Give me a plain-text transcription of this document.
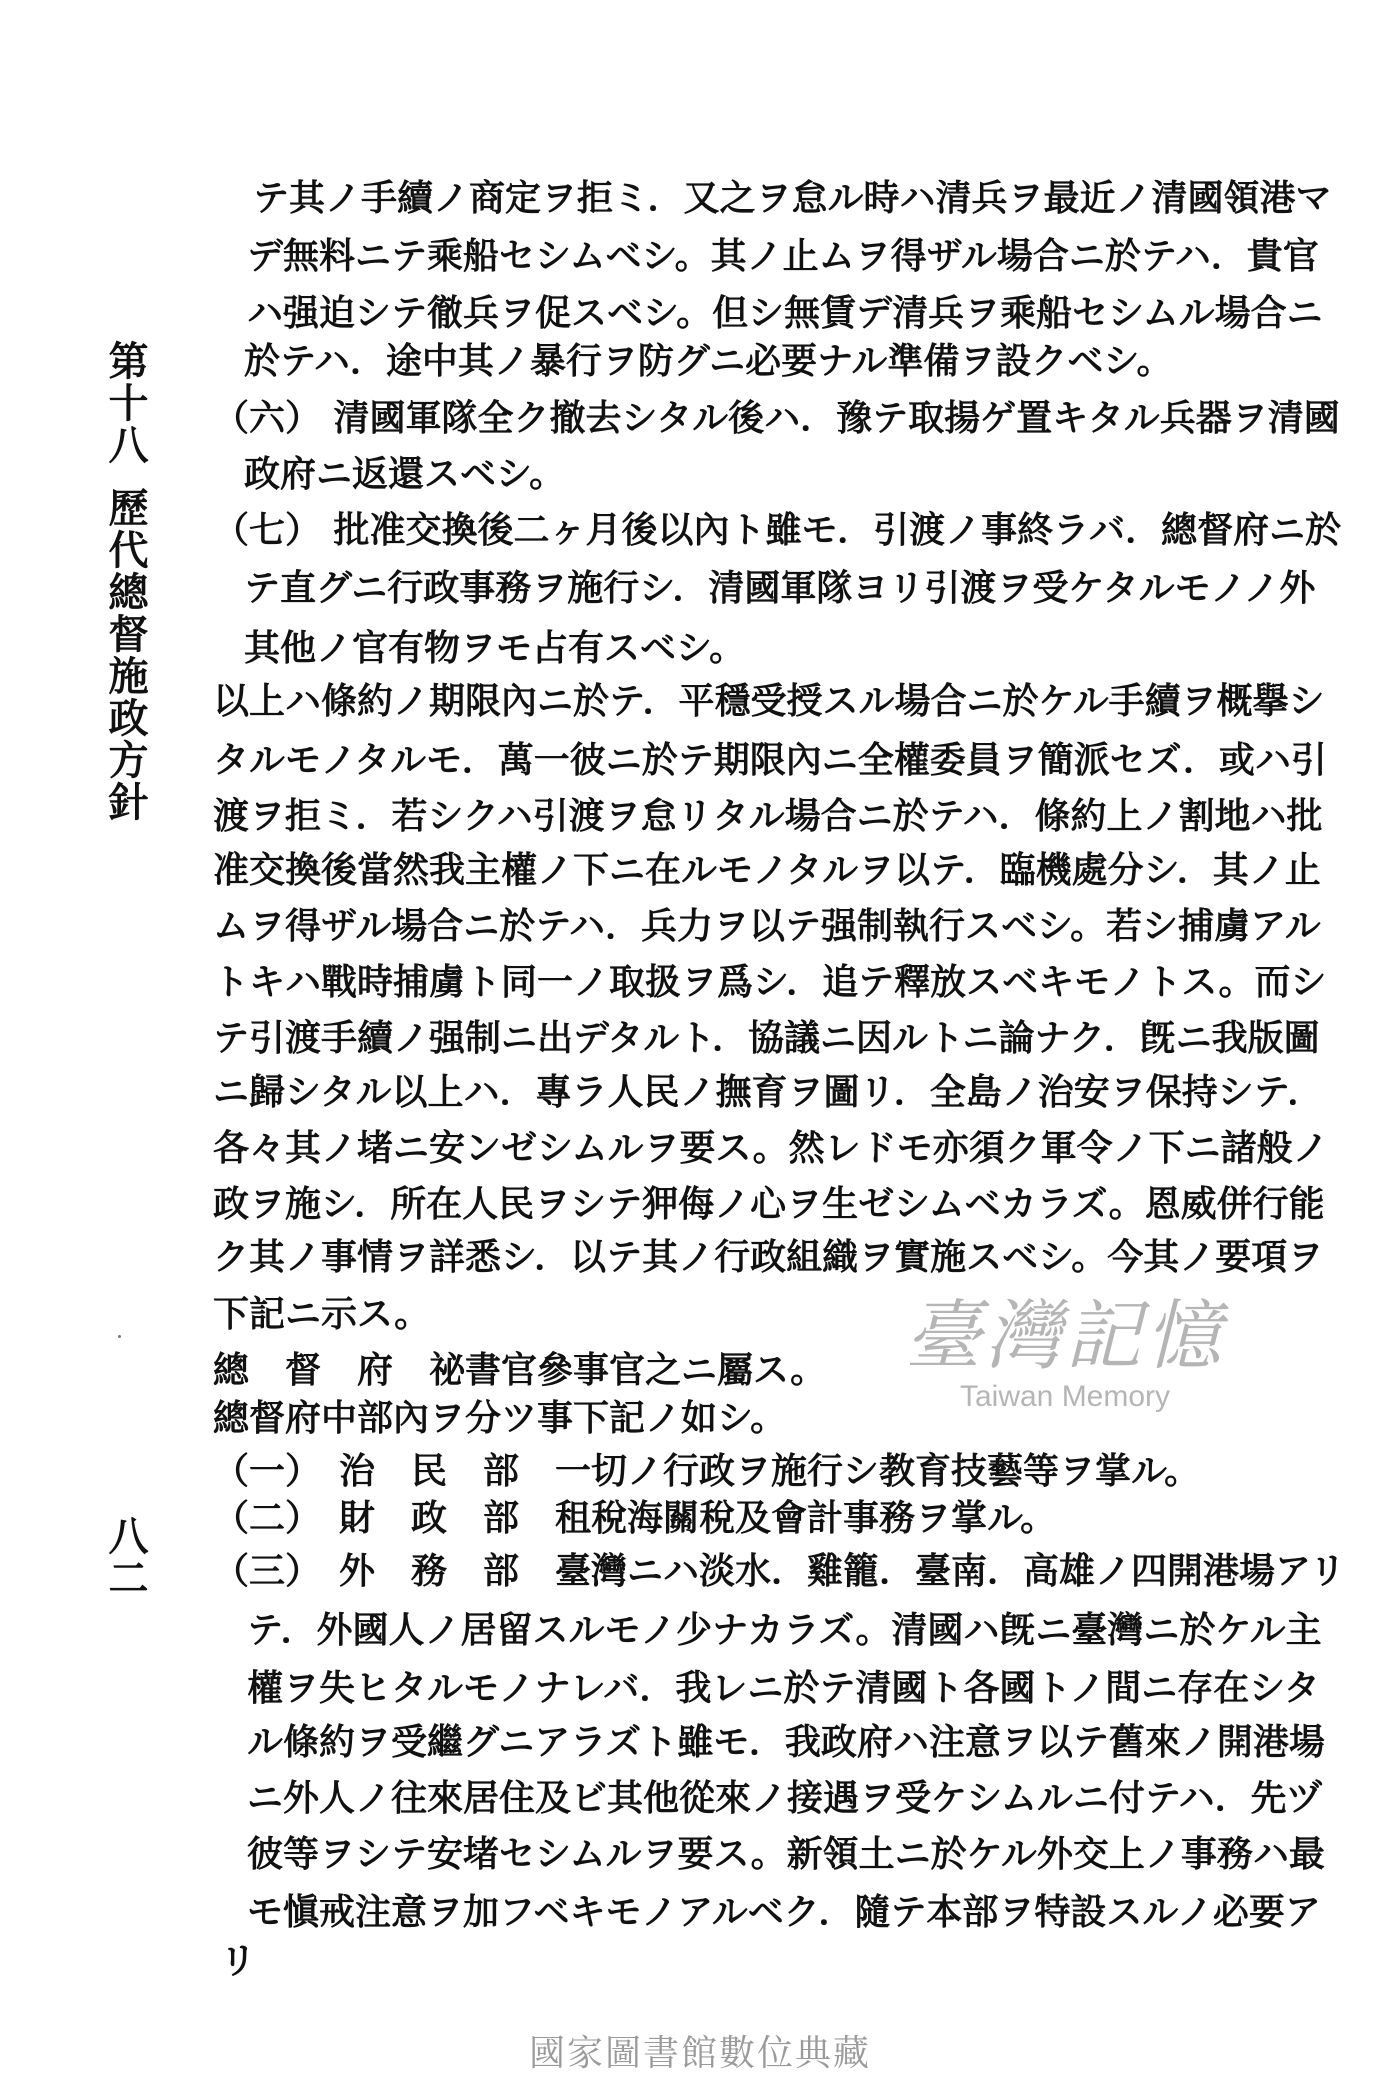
第十八
歷代總督施政方針
八二
テ其ノ手續ノ商定ヲ拒ミ．又之ヲ怠ル時ハ清兵ヲ最近ノ清國領港マ
デ無料ニテ乘船セシムベシ。其ノ止ムヲ得ザル場合ニ於テハ．貴官
ハ强迫シテ徹兵ヲ促スベシ。但シ無賃デ清兵ヲ乘船セシムル場合ニ
於テハ．途中其ノ暴行ヲ防グニ必要ナル準備ヲ設クベシ。
（六） 清國軍隊全ク撤去シタル後ハ．豫テ取揚ゲ置キタル兵器ヲ清國
政府ニ返還スベシ。
（七） 批准交換後二ヶ月後以內ト雖モ．引渡ノ事終ラバ．總督府ニ於
テ直グニ行政事務ヲ施行シ．清國軍隊ヨリ引渡ヲ受ケタルモノノ外
其他ノ官有物ヲモ占有スベシ。
以上ハ條約ノ期限內ニ於テ．平穩受授スル場合ニ於ケル手續ヲ概擧シ
タルモノタルモ．萬一彼ニ於テ期限內ニ全權委員ヲ簡派セズ．或ハ引
渡ヲ拒ミ．若シクハ引渡ヲ怠リタル場合ニ於テハ．條約上ノ割地ハ批
准交換後當然我主權ノ下ニ在ルモノタルヲ以テ．臨機處分シ．其ノ止
ムヲ得ザル場合ニ於テハ．兵力ヲ以テ强制執行スベシ。若シ捕虜アル
トキハ戰時捕虜ト同一ノ取扱ヲ爲シ．追テ釋放スベキモノトス。而シ
テ引渡手續ノ强制ニ出デタルト．協議ニ因ルトニ論ナク．旣ニ我版圖
ニ歸シタル以上ハ．專ラ人民ノ撫育ヲ圖リ．全島ノ治安ヲ保持シテ．
各々其ノ堵ニ安ンゼシムルヲ要ス。然レドモ亦須ク軍令ノ下ニ諸般ノ
政ヲ施シ．所在人民ヲシテ狎侮ノ心ヲ生ゼシムベカラズ。恩威併行能
ク其ノ事情ヲ詳悉シ．以テ其ノ行政組織ヲ實施スベシ。今其ノ要項ヲ
下記ニ示ス。
總　督　府　祕書官參事官之ニ屬ス。
總督府中部內ヲ分ツ事下記ノ如シ。
（一）　治　民　部　一切ノ行政ヲ施行シ教育技藝等ヲ掌ル。
（二）　財　政　部　租稅海關稅及會計事務ヲ掌ル。
（三）　外　務　部　臺灣ニハ淡水．雞籠．臺南．高雄ノ四開港場アリ
テ．外國人ノ居留スルモノ少ナカラズ。清國ハ旣ニ臺灣ニ於ケル主
權ヲ失ヒタルモノナレバ．我レニ於テ清國ト各國トノ間ニ存在シタ
ル條約ヲ受繼グニアラズト雖モ．我政府ハ注意ヲ以テ舊來ノ開港場
ニ外人ノ往來居住及ビ其他從來ノ接遇ヲ受ケシムルニ付テハ．先ヅ
彼等ヲシテ安堵セシムルヲ要ス。新領土ニ於ケル外交上ノ事務ハ最
モ愼戒注意ヲ加フベキモノアルベク．隨テ本部ヲ特設スルノ必要ア
リ
臺灣記憶
Taiwan Memory
國家圖書館數位典藏
